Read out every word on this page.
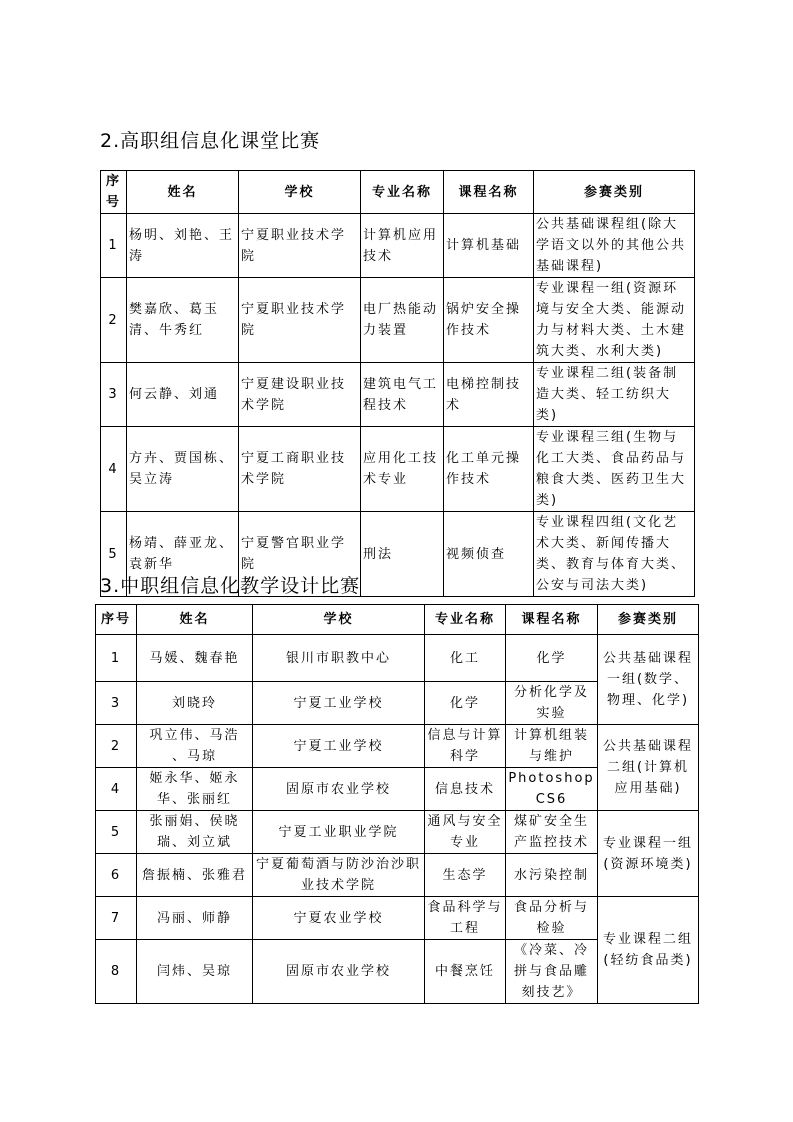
2.高职组信息化课堂比赛
序号	姓名	学校	专业名称	课程名称	参赛类别
1	杨明、刘艳、王涛	宁夏职业技术学院	计算机应用技术	计算机基础	公共基础课程组(除大学语文以外的其他公共基础课程)
2	樊嘉欣、葛玉清、牛秀红	宁夏职业技术学院	电厂热能动力装置	锅炉安全操作技术	专业课程一组(资源环境与安全大类、能源动力与材料大类、土木建筑大类、水利大类)
3	何云静、刘通	宁夏建设职业技术学院	建筑电气工程技术	电梯控制技术	专业课程二组(装备制造大类、轻工纺织大类)
4	方卉、贾国栋、吴立涛	宁夏工商职业技术学院	应用化工技术专业	化工单元操作技术	专业课程三组(生物与化工大类、食品药品与粮食大类、医药卫生大类)
5	杨靖、薛亚龙、袁新华	宁夏警官职业学院	刑法	视频侦查	专业课程四组(文化艺术大类、新闻传播大类、教育与体育大类、公安与司法大类)
3.中职组信息化教学设计比赛
序号	姓名	学校	专业名称	课程名称	参赛类别
1	马媛、魏春艳	银川市职教中心	化工	化学	公共基础课程一组(数学、物理、化学)
3	刘晓玲	宁夏工业学校	化学	分析化学及实验	
2	巩立伟、马浩 、马琼	宁夏工业学校	信息与计算科学	计算机组装与维护	公共基础课程二组(计算机应用基础)
4	姬永华、姬永华、张丽红	固原市农业学校	信息技术	PhotoshopCS6	
5	张丽娟、侯晓瑞、刘立斌	宁夏工业职业学院	通风与安全专业	煤矿安全生产监控技术	专业课程一组(资源环境类)
6	詹振楠、张雅君	宁夏葡萄酒与防沙治沙职业技术学院	生态学	水污染控制	
7	冯丽、师静	宁夏农业学校	食品科学与工程	食品分析与检验	专业课程二组(轻纺食品类)
8	闫炜、吴琼	固原市农业学校	中餐烹饪	《冷菜、冷拼与食品雕刻技艺》	
